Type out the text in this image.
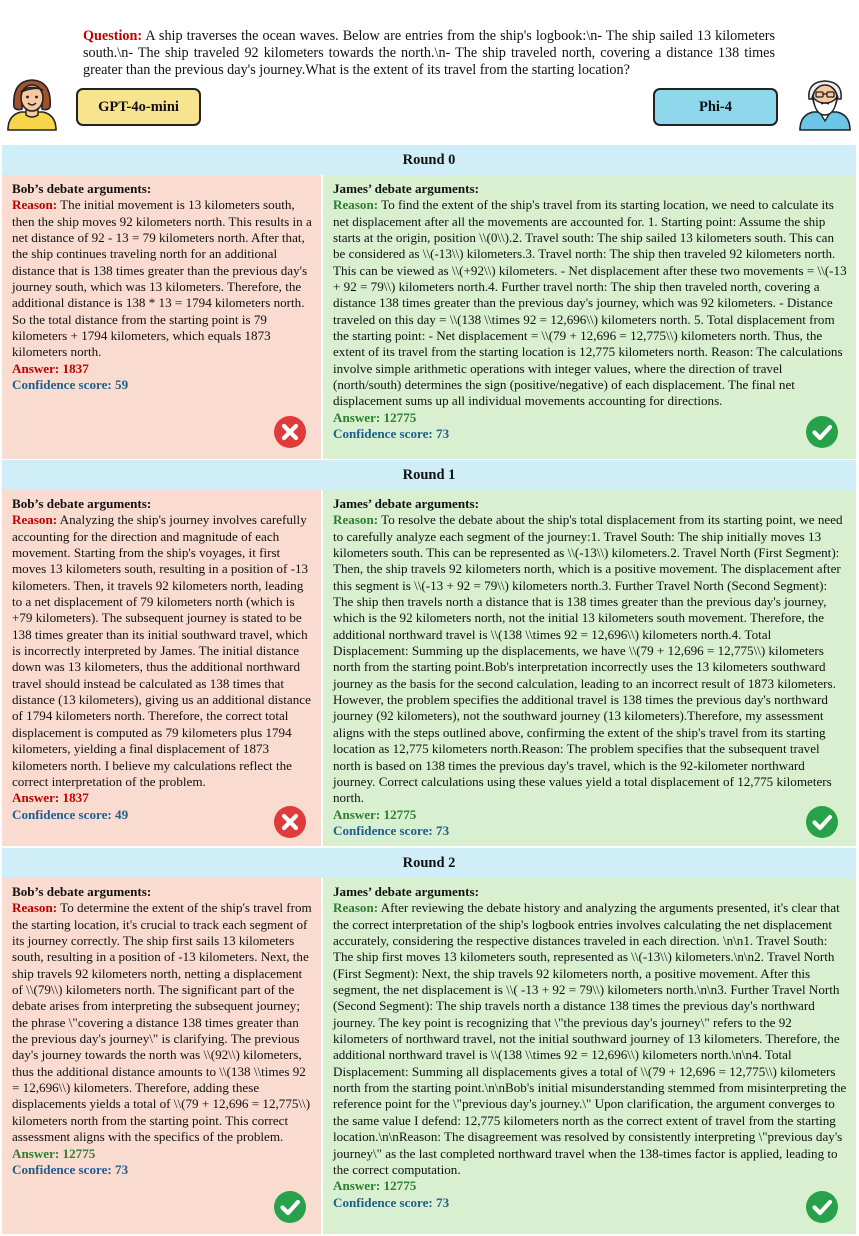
Question: A ship traverses the ocean waves. Below are entries from the ship's logbook:\n- The ship sailed 13 kilometers south.\n- The ship traveled 92 kilometers towards the north.\n- The ship traveled north, covering a distance 138 times greater than the previous day's journey.What is the extent of its travel from the starting location?
GPT-4o-mini	Phi-4
Round 0

Bob’s debate arguments:

Reason: The initial movement is 13 kilometers south, then the ship moves 92 kilometers north. This results in a net distance of 92 - 13 = 79 kilometers north. After that, the ship continues traveling north for an additional distance that is 138 times greater than the previous day's journey south, which was 13 kilometers. Therefore, the additional distance is 138 * 13 = 1794 kilometers north. So the total distance from the starting point is 79 kilometers + 1794 kilometers, which equals 1873 kilometers north.

Answer: 1837

Confidence score: 59

James’ debate arguments:

Reason: To find the extent of the ship's travel from its starting location, we need to calculate its net displacement after all the movements are accounted for. 1. Starting point: Assume the ship starts at the origin, position \\(0\\).2. Travel south: The ship sailed 13 kilometers south. This can be considered as \\(-13\\) kilometers.3. Travel north: The ship then traveled 92 kilometers north. This can be viewed as \\(+92\\) kilometers. - Net displacement after these two movements = \\(-13 + 92 = 79\\) kilometers north.4. Further travel north: The ship then traveled north, covering a distance 138 times greater than the previous day's journey, which was 92 kilometers. - Distance traveled on this day = \\(138 \\times 92 = 12,696\\) kilometers north. 5. Total displacement from the starting point: - Net displacement = \\(79 + 12,696 = 12,775\\) kilometers north. Thus, the extent of its travel from the starting location is 12,775 kilometers north. Reason: The calculations involve simple arithmetic operations with integer values, where the direction of travel (north/south) determines the sign (positive/negative) of each displacement. The final net displacement sums up all individual movements accounting for directions.

Answer: 12775

Confidence score: 73

Round 1

Bob’s debate arguments:

Reason: Analyzing the ship's journey involves carefully accounting for the direction and magnitude of each movement. Starting from the ship's voyages, it first moves 13 kilometers south, resulting in a position of -13 kilometers. Then, it travels 92 kilometers north, leading to a net displacement of 79 kilometers north (which is +79 kilometers). The subsequent journey is stated to be 138 times greater than its initial southward travel, which is incorrectly interpreted by James. The initial distance down was 13 kilometers, thus the additional northward travel should instead be calculated as 138 times that distance (13 kilometers), giving us an additional distance of 1794 kilometers north. Therefore, the correct total displacement is computed as 79 kilometers plus 1794 kilometers, yielding a final displacement of 1873 kilometers north. I believe my calculations reflect the correct interpretation of the problem.

Answer: 1837

Confidence score: 49

James’ debate arguments:

Reason: To resolve the debate about the ship's total displacement from its starting point, we need to carefully analyze each segment of the journey:1. Travel South: The ship initially moves 13 kilometers south. This can be represented as \\(-13\\) kilometers.2. Travel North (First Segment): Then, the ship travels 92 kilometers north, which is a positive movement. The displacement after this segment is \\(-13 + 92 = 79\\) kilometers north.3. Further Travel North (Second Segment): The ship then travels north a distance that is 138 times greater than the previous day's journey, which is the 92 kilometers north, not the initial 13 kilometers south movement. Therefore, the additional northward travel is \\(138 \\times 92 = 12,696\\) kilometers north.4. Total Displacement: Summing up the displacements, we have \\(79 + 12,696 = 12,775\\) kilometers north from the starting point.Bob's interpretation incorrectly uses the 13 kilometers southward journey as the basis for the second calculation, leading to an incorrect result of 1873 kilometers. However, the problem specifies the additional travel is 138 times the previous day's northward journey (92 kilometers), not the southward journey (13 kilometers).Therefore, my assessment aligns with the steps outlined above, confirming the extent of the ship's travel from its starting location as 12,775 kilometers north.Reason: The problem specifies that the subsequent travel north is based on 138 times the previous day's travel, which is the 92-kilometer northward journey. Correct calculations using these values yield a total displacement of 12,775 kilometers north.

Answer: 12775

Confidence score: 73

Round 2

Bob’s debate arguments:

Reason: To determine the extent of the ship's travel from the starting location, it's crucial to track each segment of its journey correctly. The ship first sails 13 kilometers south, resulting in a position of -13 kilometers. Next, the ship travels 92 kilometers north, netting a displacement of \\(79\\) kilometers north. The significant part of the debate arises from interpreting the subsequent journey; the phrase \"covering a distance 138 times greater than the previous day's journey\" is clarifying. The previous day's journey towards the north was \\(92\\) kilometers, thus the additional distance amounts to \\(138 \\times 92 = 12,696\\) kilometers. Therefore, adding these displacements yields a total of \\(79 + 12,696 = 12,775\\) kilometers north from the starting point. This correct assessment aligns with the specifics of the problem.

Answer: 12775

Confidence score: 73

James’ debate arguments:

Reason: After reviewing the debate history and analyzing the arguments presented, it's clear that the correct interpretation of the ship's logbook entries involves calculating the net displacement accurately, considering the respective distances traveled in each direction. \n\n1. Travel South: The ship first moves 13 kilometers south, represented as \\(-13\\) kilometers.\n\n2. Travel North (First Segment): Next, the ship travels 92 kilometers north, a positive movement. After this segment, the net displacement is \\( -13 + 92 = 79\\) kilometers north.\n\n3. Further Travel North (Second Segment): The ship travels north a distance 138 times the previous day's northward journey. The key point is recognizing that \"the previous day's journey\" refers to the 92 kilometers of northward travel, not the initial southward journey of 13 kilometers. Therefore, the additional northward travel is \\(138 \\times 92 = 12,696\\) kilometers north.\n\n4. Total Displacement: Summing all displacements gives a total of \\(79 + 12,696 = 12,775\\) kilometers north from the starting point.\n\nBob's initial misunderstanding stemmed from misinterpreting the reference point for the \"previous day's journey.\" Upon clarification, the argument converges to the same value I defend: 12,775 kilometers north as the correct extent of travel from the starting location.\n\nReason: The disagreement was resolved by consistently interpreting \"previous day's journey\" as the last completed northward travel when the 138-times factor is applied, leading to the correct computation.

Answer: 12775

Confidence score: 73
